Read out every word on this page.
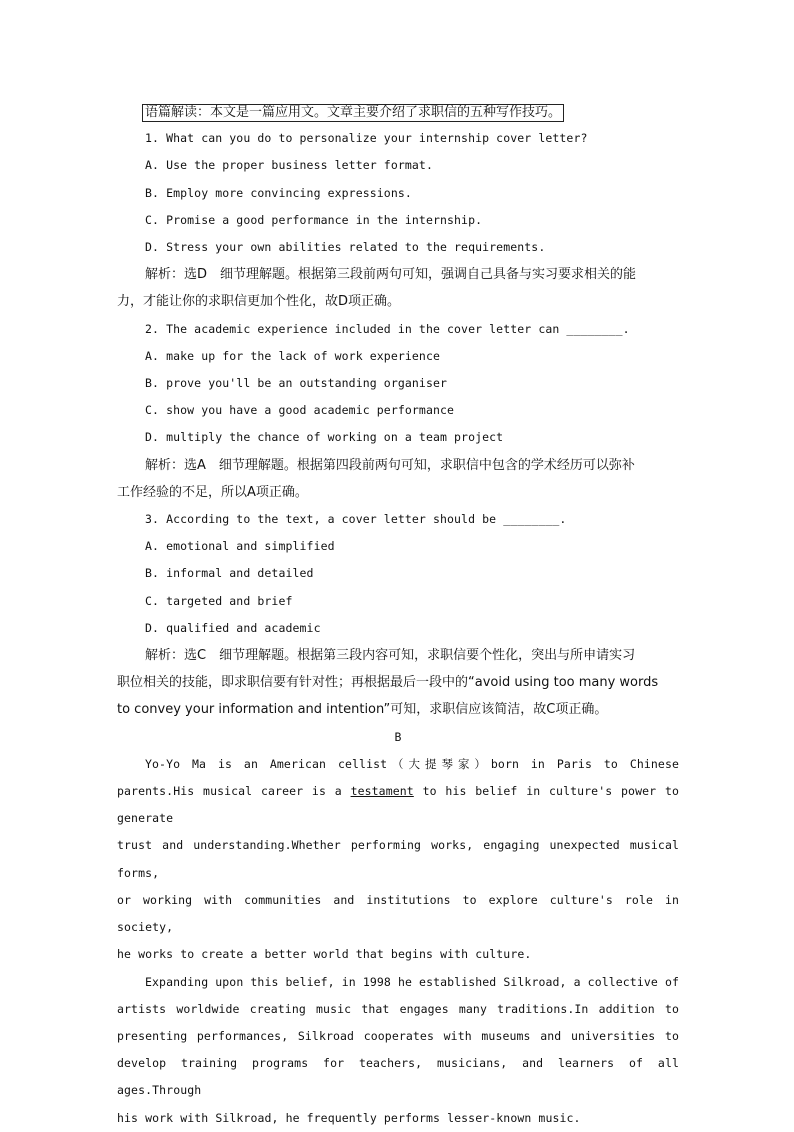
语篇解读：本文是一篇应用文。文章主要介绍了求职信的五种写作技巧。
1. What can you do to personalize your internship cover letter?
A. Use the proper business letter format.
B. Employ more convincing expressions.
C. Promise a good performance in the internship.
D. Stress your own abilities related to the requirements.
解析：选D　细节理解题。根据第三段前两句可知，强调自己具备与实习要求相关的能
力，才能让你的求职信更加个性化，故D项正确。
2. The academic experience included in the cover letter can ________.
A. make up for the lack of work experience
B. prove you'll be an outstanding organiser
C. show you have a good academic performance
D. multiply the chance of working on a team project
解析：选A　细节理解题。根据第四段前两句可知，求职信中包含的学术经历可以弥补
工作经验的不足，所以A项正确。
3. According to the text, a cover letter should be ________.
A. emotional and simplified
B. informal and detailed
C. targeted and brief
D. qualified and academic
解析：选C　细节理解题。根据第三段内容可知，求职信要个性化，突出与所申请实习
职位相关的技能，即求职信要有针对性；再根据最后一段中的“avoid using too many words
to convey your information and intention”可知，求职信应该简洁，故C项正确。
B
Yo-Yo Ma is an American cellist（大提琴家）born in Paris to Chinese
parents.His musical career is a testament to his belief in culture's power to generate
trust and understanding.Whether performing works, engaging unexpected musical forms,
or working with communities and institutions to explore culture's role in society,
he works to create a better world that begins with culture.
Expanding upon this belief, in 1998 he established Silkroad, a collective of
artists worldwide creating music that engages many traditions.In addition to
presenting performances, Silkroad cooperates with museums and universities to
develop training programs for teachers, musicians, and learners of all ages.Through
his work with Silkroad, he frequently performs lesser-known music.
